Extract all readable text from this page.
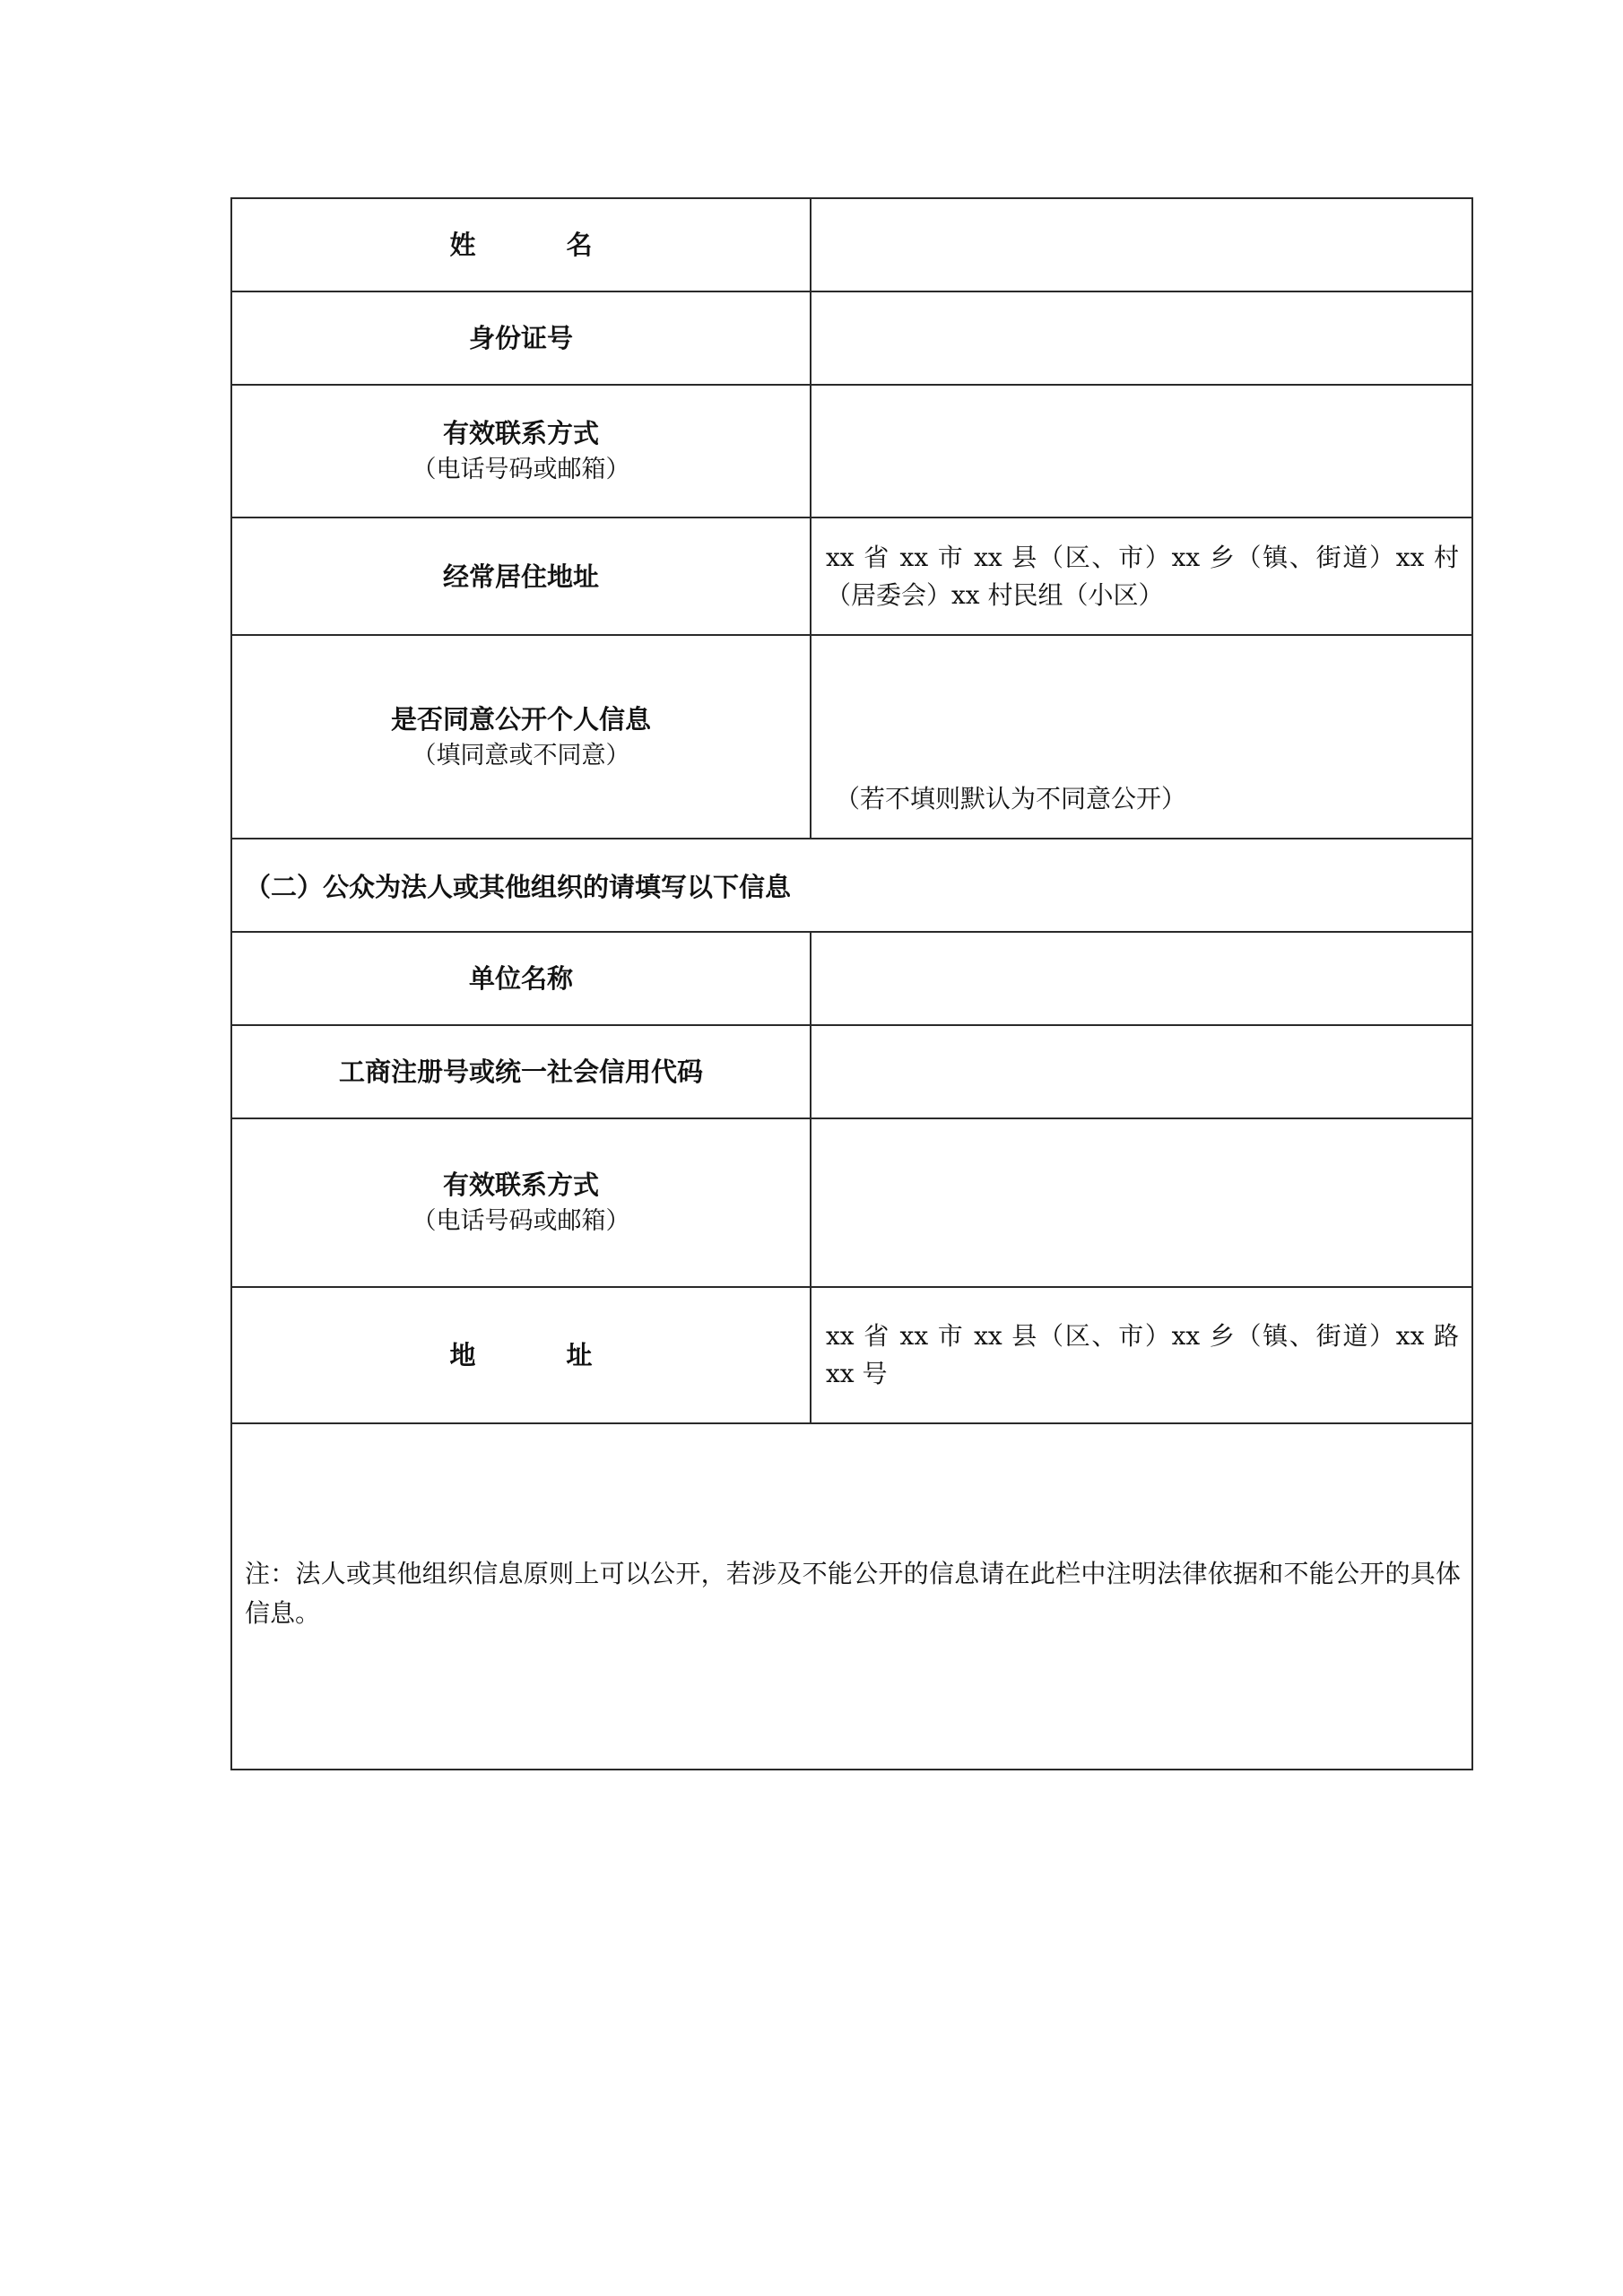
姓　名	
身份证号	
有效联系方式
（电话号码或邮箱）	

经常居住地址	xx 省 xx 市 xx 县（区、市）xx 乡（镇、街道）xx 村（居委会）xx 村民组（小区）
是否同意公开个人信息
（填同意或不同意）	（若不填则默认为不同意公开）
（二）公众为法人或其他组织的请填写以下信息	
单位名称	
工商注册号或统一社会信用代码	
有效联系方式
（电话号码或邮箱）	

地　址	xx 省 xx 市 xx 县（区、市）xx 乡（镇、街道）xx 路 xx 号
注：法人或其他组织信息原则上可以公开，若涉及不能公开的信息请在此栏中注明法律依据和不能公开的具体信息。	
